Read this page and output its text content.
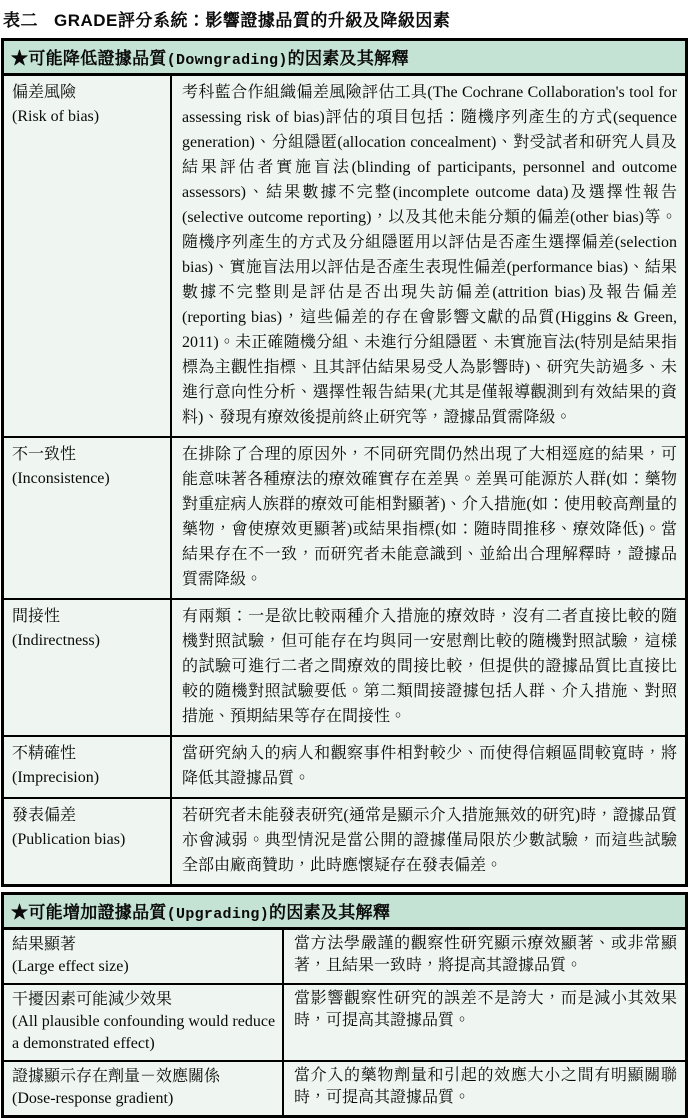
表二 GRADE評分系統：影響證據品質的升級及降級因素
★可能降低證據品質(Downgrading)的因素及其解釋
偏差風險
(Risk of bias)
考科藍合作組織偏差風險評估工具(The Cochrane Collaboration's tool for assessing risk of bias)評估的項目包括：隨機序列產生的方式(sequence generation)、分組隱匿(allocation concealment)、對受試者和研究人員及結果評估者實施盲法(blinding of participants, personnel and outcome assessors)、結果數據不完整(incomplete outcome data)及選擇性報告(selective outcome reporting)，以及其他未能分類的偏差(other bias)等。隨機序列產生的方式及分組隱匿用以評估是否產生選擇偏差(selection bias)、實施盲法用以評估是否產生表現性偏差(performance bias)、結果數據不完整則是評估是否出現失訪偏差(attrition bias)及報告偏差(reporting bias)，這些偏差的存在會影響文獻的品質(Higgins & Green, 2011)。未正確隨機分組、未進行分組隱匿、未實施盲法(特別是結果指標為主觀性指標、且其評估結果易受人為影響時)、研究失訪過多、未進行意向性分析、選擇性報告結果(尤其是僅報導觀測到有效結果的資料)、發現有療效後提前終止研究等，證據品質需降級。
不一致性
(Inconsistence)
在排除了合理的原因外，不同研究間仍然出現了大相逕庭的結果，可能意味著各種療法的療效確實存在差異。差異可能源於人群(如：藥物對重症病人族群的療效可能相對顯著)、介入措施(如：使用較高劑量的藥物，會使療效更顯著)或結果指標(如：隨時間推移、療效降低)。當結果存在不一致，而研究者未能意識到、並給出合理解釋時，證據品質需降級。
間接性
(Indirectness)
有兩類：一是欲比較兩種介入措施的療效時，沒有二者直接比較的隨機對照試驗，但可能存在均與同一安慰劑比較的隨機對照試驗，這樣的試驗可進行二者之間療效的間接比較，但提供的證據品質比直接比較的隨機對照試驗要低。第二類間接證據包括人群、介入措施、對照措施、預期結果等存在間接性。
不精確性
(Imprecision)
當研究納入的病人和觀察事件相對較少、而使得信賴區間較寬時，將降低其證據品質。
發表偏差
(Publication bias)
若研究者未能發表研究(通常是顯示介入措施無效的研究)時，證據品質亦會減弱。典型情況是當公開的證據僅局限於少數試驗，而這些試驗全部由廠商贊助，此時應懷疑存在發表偏差。
★可能增加證據品質(Upgrading)的因素及其解釋
結果顯著
(Large effect size)
當方法學嚴謹的觀察性研究顯示療效顯著、或非常顯著，且結果一致時，將提高其證據品質。
干擾因素可能減少效果
(All plausible confounding would reduce a demonstrated effect)
當影響觀察性研究的誤差不是誇大，而是減小其效果時，可提高其證據品質。
證據顯示存在劑量－效應關係
(Dose-response gradient)
當介入的藥物劑量和引起的效應大小之間有明顯關聯時，可提高其證據品質。
